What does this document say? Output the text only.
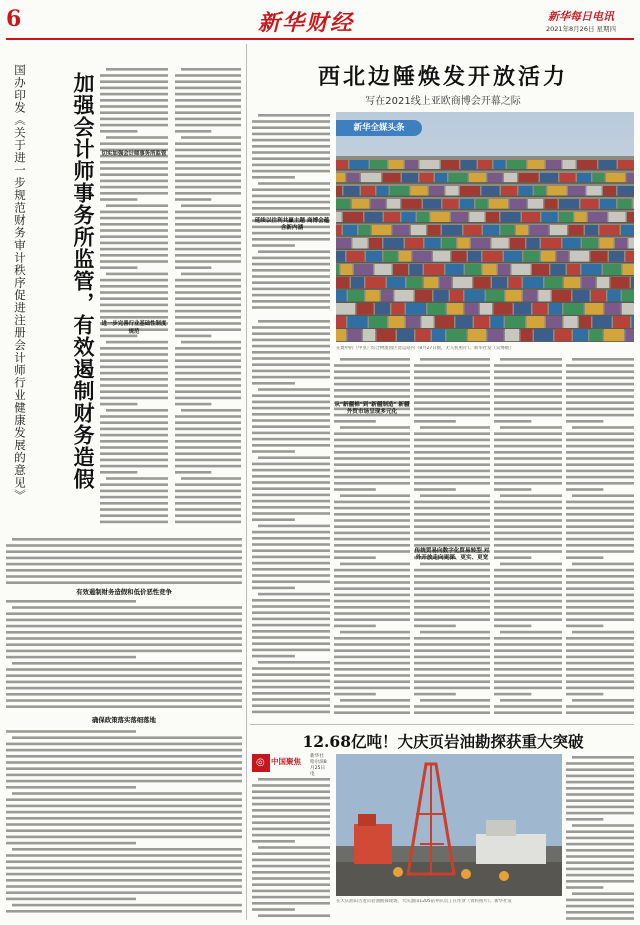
6	新华财经	新华每日电讯
2021年8月26日 星期四
国办印发《关于进一步规范财务审计秩序促进注册会计师行业健康发展的意见》	加强会计师事务所监管，有效遏制财务造假	切实加强会计师事务所监管
进一步完善行业基础性制度规范
有效遏制财务造假和低价恶性竞争
确保政策落实落细落地
西北边陲焕发开放活力
写在2021线上亚欧商博会开幕之际
新华全媒头条
在建中的（中亚）综合物流园区货运站内（8月27日摄，无人机照片）。新华社发（吴博摄）
延续以往利共赢主题 商博会蕴含新内涵
从"新疆棉"到"新疆制造" 新疆外贸市场呈现多元化
传统贸易向数字化贸易转型 对外开放走向更深、更实、更宽
12.68亿吨！大庆页岩油勘探获重大突破
◎ 中国聚焦
新华社哈尔滨8月25日电
在大庆油田古龙页岩油勘探现场，大庆油田1205钻井队员工在作业（资料照片）。新华社发
